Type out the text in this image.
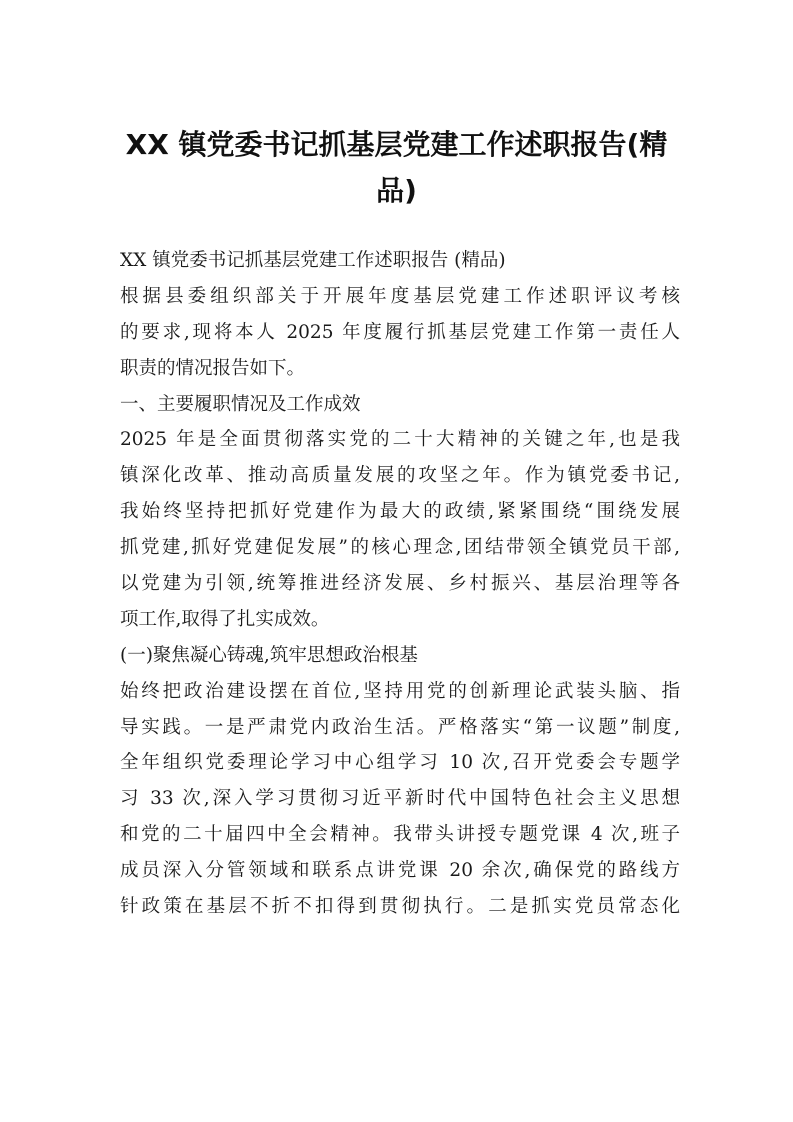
XX 镇党委书记抓基层党建工作述职报告(精
品)
XX 镇党委书记抓基层党建工作述职报告 (精品)
根据县委组织部关于开展年度基层党建工作述职评议考核
的要求,现将本人 2025 年度履行抓基层党建工作第一责任人
职责的情况报告如下。
一、主要履职情况及工作成效
2025 年是全面贯彻落实党的二十大精神的关键之年,也是我
镇深化改革、推动高质量发展的攻坚之年。作为镇党委书记,
我始终坚持把抓好党建作为最大的政绩,紧紧围绕“围绕发展
抓党建,抓好党建促发展”的核心理念,团结带领全镇党员干部,
以党建为引领,统筹推进经济发展、乡村振兴、基层治理等各
项工作,取得了扎实成效。
(一)聚焦凝心铸魂,筑牢思想政治根基
始终把政治建设摆在首位,坚持用党的创新理论武装头脑、指
导实践。一是严肃党内政治生活。严格落实“第一议题”制度,
全年组织党委理论学习中心组学习 10 次,召开党委会专题学
习 33 次,深入学习贯彻习近平新时代中国特色社会主义思想
和党的二十届四中全会精神。我带头讲授专题党课 4 次,班子
成员深入分管领域和联系点讲党课 20 余次,确保党的路线方
针政策在基层不折不扣得到贯彻执行。二是抓实党员常态化
